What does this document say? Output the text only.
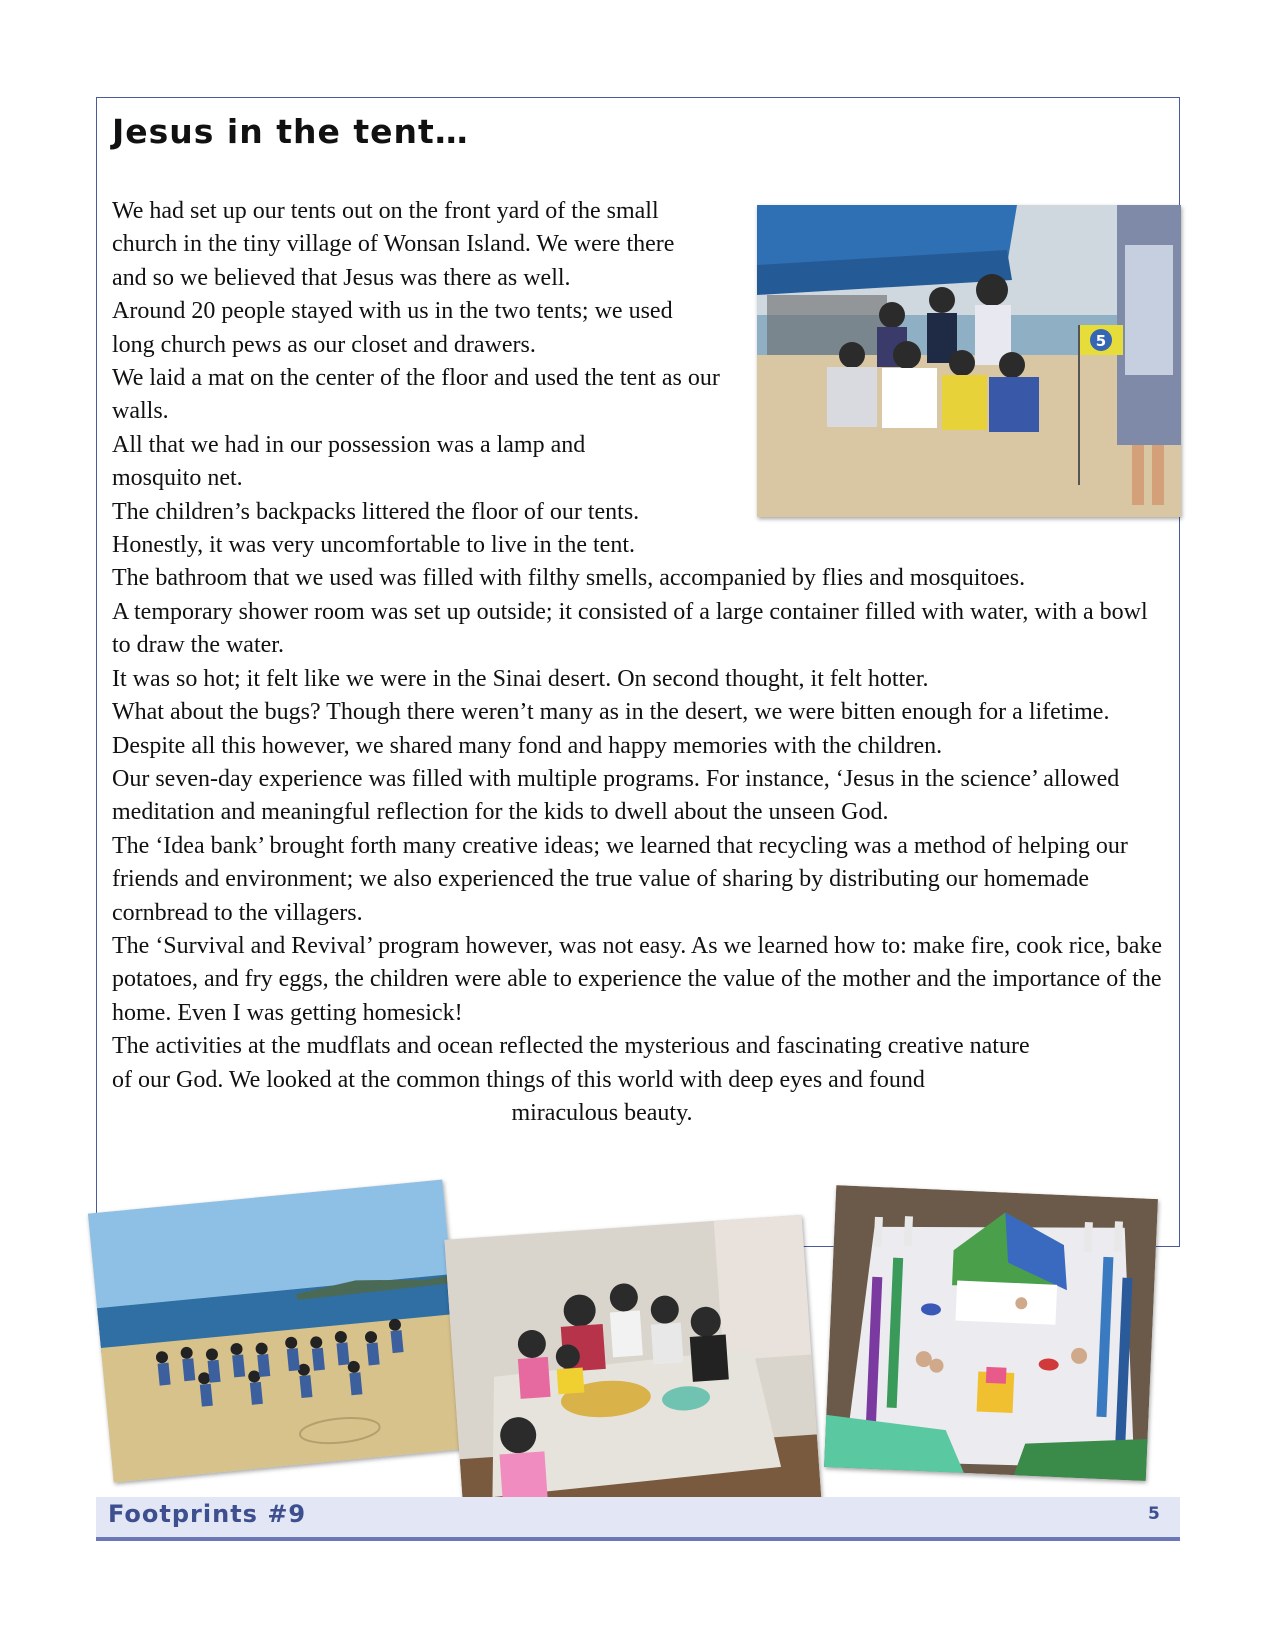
Jesus in the tent…

We had set up our tents out on the front yard of the small church in the tiny village of Wonsan Island. We were there and so we believed that Jesus was there as well.

Around 20 people stayed with us in the two tents; we used long church pews as our closet and drawers.

We laid a mat on the center of the floor and used the tent as our walls.

All that we had in our possession was a lamp and mosquito net.

The children’s backpacks littered the floor of our tents.

Honestly, it was very uncomfortable to live in the tent.

The bathroom that we used was filled with filthy smells, accompanied by flies and mosquitoes.

A temporary shower room was set up outside; it consisted of a large container filled with water, with a bowl to draw the water.

It was so hot; it felt like we were in the Sinai desert. On second thought, it felt hotter.

What about the bugs? Though there weren’t many as in the desert, we were bitten enough for a lifetime.

Despite all this however, we shared many fond and happy memories with the children.

Our seven-day experience was filled with multiple programs. For instance, ‘Jesus in the science’ allowed meditation and meaningful reflection for the kids to dwell about the unseen God.

The ‘Idea bank’ brought forth many creative ideas; we learned that recycling was a method of helping our friends and environment; we also experienced the true value of sharing by distributing our homemade cornbread to the villagers.

The ‘Survival and Revival’ program however, was not easy. As we learned how to: make fire, cook rice, bake potatoes, and fry eggs, the children were able to experience the value of the mother and the importance of the home. Even I was getting homesick!

The activities at the mudflats and ocean reflected the mysterious and fascinating creative nature of our God. We looked at the common things of this world with deep eyes and found

miraculous beauty.

5
Footprints #9	5
